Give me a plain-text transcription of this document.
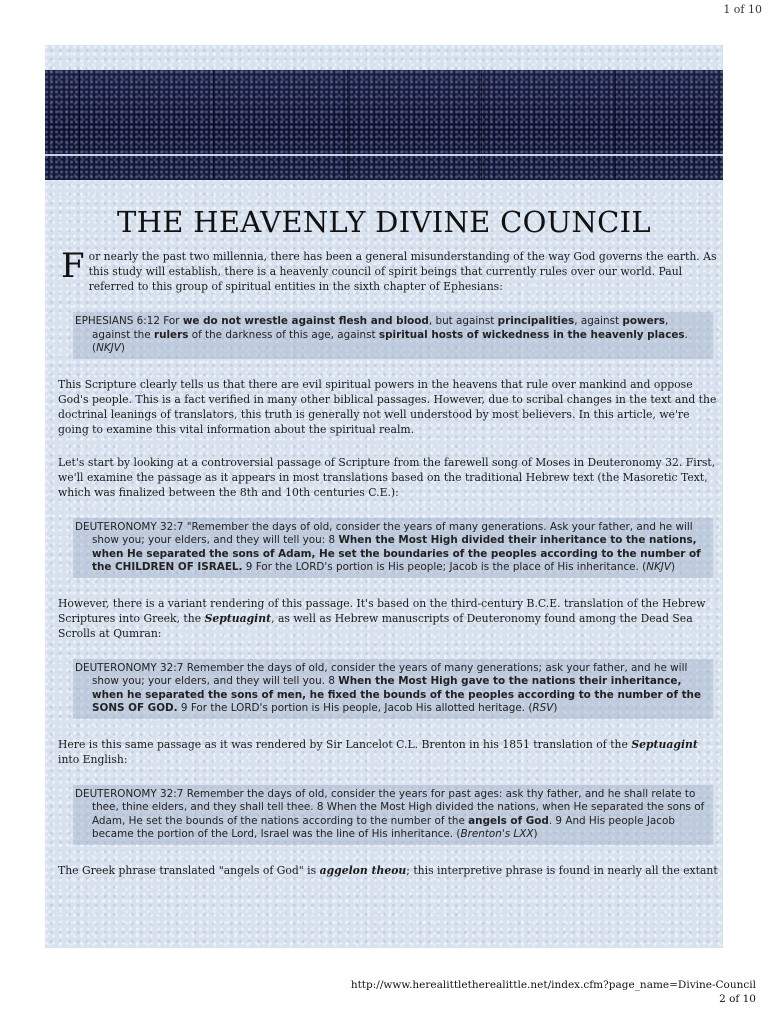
1 of 10
THE HEAVENLY DIVINE COUNCIL

For nearly the past two millennia, there has been a general misunderstanding of the way God governs the earth. As this study will establish, there is a heavenly council of spirit beings that currently rules over our world. Paul referred to this group of spiritual entities in the sixth chapter of Ephesians:

EPHESIANS 6:12 For we do not wrestle against flesh and blood, but against principalities, against powers, against the rulers of the darkness of this age, against spiritual hosts of wickedness in the heavenly places. (NKJV)

This Scripture clearly tells us that there are evil spiritual powers in the heavens that rule over mankind and oppose God's people. This is a fact verified in many other biblical passages. However, due to scribal changes in the text and the doctrinal leanings of translators, this truth is generally not well understood by most believers. In this article, we're going to examine this vital information about the spiritual realm.

Let's start by looking at a controversial passage of Scripture from the farewell song of Moses in Deuteronomy 32. First, we'll examine the passage as it appears in most translations based on the traditional Hebrew text (the Masoretic Text, which was finalized between the 8th and 10th centuries C.E.):

DEUTERONOMY 32:7 "Remember the days of old, consider the years of many generations. Ask your father, and he will show you; your elders, and they will tell you: 8 When the Most High divided their inheritance to the nations, when He separated the sons of Adam, He set the boundaries of the peoples according to the number of the CHILDREN OF ISRAEL. 9 For the LORD's portion is His people; Jacob is the place of His inheritance. (NKJV)

However, there is a variant rendering of this passage. It's based on the third-century B.C.E. translation of the Hebrew Scriptures into Greek, the Septuagint, as well as Hebrew manuscripts of Deuteronomy found among the Dead Sea Scrolls at Qumran:

DEUTERONOMY 32:7 Remember the days of old, consider the years of many generations; ask your father, and he will show you; your elders, and they will tell you. 8 When the Most High gave to the nations their inheritance, when he separated the sons of men, he fixed the bounds of the peoples according to the number of the SONS OF GOD. 9 For the LORD's portion is His people, Jacob His allotted heritage. (RSV)

Here is this same passage as it was rendered by Sir Lancelot C.L. Brenton in his 1851 translation of the Septuagint into English:

DEUTERONOMY 32:7 Remember the days of old, consider the years for past ages: ask thy father, and he shall relate to thee, thine elders, and they shall tell thee. 8 When the Most High divided the nations, when He separated the sons of Adam, He set the bounds of the nations according to the number of the angels of God. 9 And His people Jacob became the portion of the Lord, Israel was the line of His inheritance. (Brenton's LXX)

The Greek phrase translated "angels of God" is aggelon theou; this interpretive phrase is found in nearly all the extant

http://www.herealittletherealittle.net/index.cfm?page_name=Divine-Council
2 of 10
